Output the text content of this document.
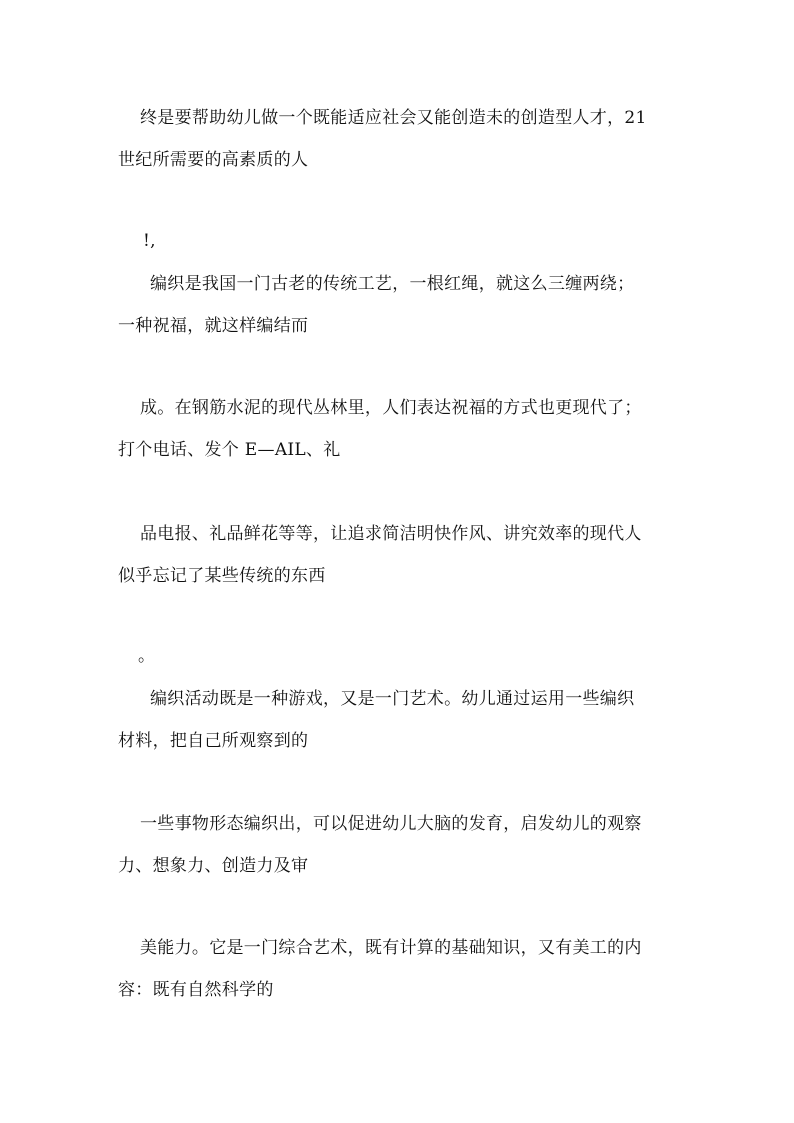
终是要帮助幼儿做一个既能适应社会又能创造未的创造型人才，21
世纪所需要的高素质的人
!,
编织是我国一门古老的传统工艺，一根红绳，就这么三缠两绕；
一种祝福，就这样编结而
成。在钢筋水泥的现代丛林里，人们表达祝福的方式也更现代了；
打个电话、发个 E—AIL、礼
品电报、礼品鲜花等等，让追求简洁明快作风、讲究效率的现代人
似乎忘记了某些传统的东西
。
编织活动既是一种游戏，又是一门艺术。幼儿通过运用一些编织
材料，把自己所观察到的
一些事物形态编织出，可以促进幼儿大脑的发育，启发幼儿的观察
力、想象力、创造力及审
美能力。它是一门综合艺术，既有计算的基础知识，又有美工的内
容：既有自然科学的
